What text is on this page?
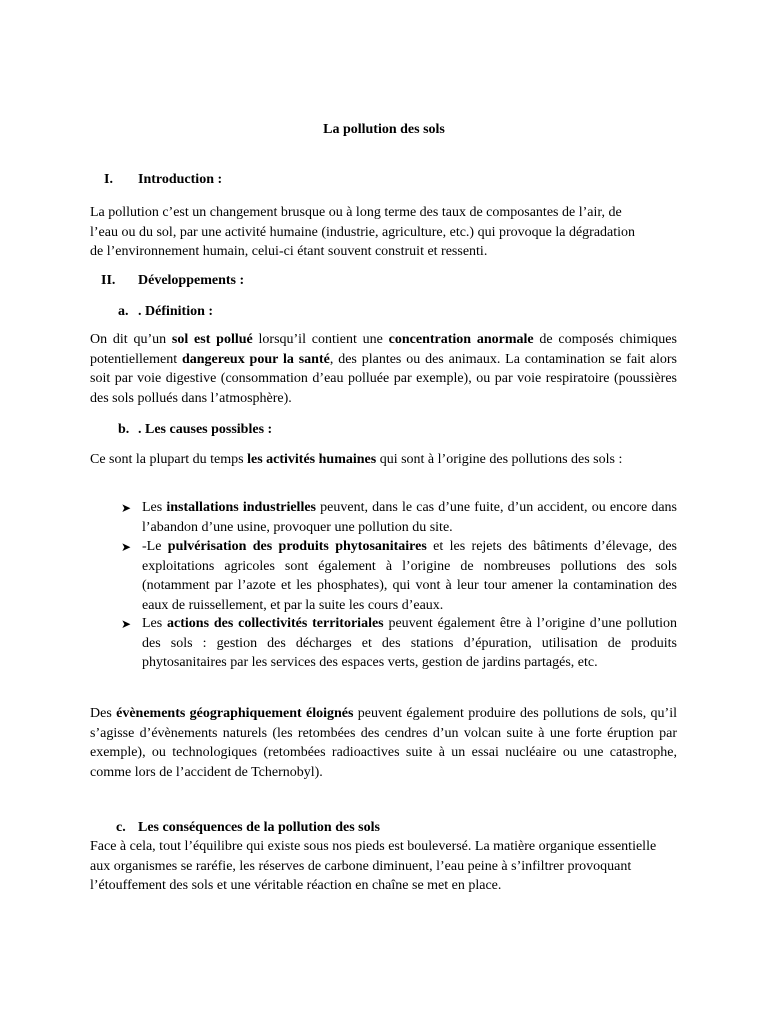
La pollution des sols
I. Introduction :
La pollution c’est un changement brusque ou à long terme des taux de composantes de l’air, de l’eau ou du sol, par une activité humaine (industrie, agriculture, etc.) qui provoque la dégradation de l’environnement humain, celui-ci étant souvent construit et ressenti.
II. Développements :
a. . Définition :
On dit qu’un sol est pollué lorsqu’il contient une concentration anormale de composés chimiques potentiellement dangereux pour la santé, des plantes ou des animaux. La contamination se fait alors soit par voie digestive (consommation d’eau polluée par exemple), ou par voie respiratoire (poussières des sols pollués dans l’atmosphère).
b. . Les causes possibles :
Ce sont la plupart du temps les activités humaines qui sont à l’origine des pollutions des sols :
➤ Les installations industrielles peuvent, dans le cas d’une fuite, d’un accident, ou encore dans l’abandon d’une usine, provoquer une pollution du site.
➤ -Le pulvérisation des produits phytosanitaires et les rejets des bâtiments d’élevage, des exploitations agricoles sont également à l’origine de nombreuses pollutions des sols (notamment par l’azote et les phosphates), qui vont à leur tour amener la contamination des eaux de ruissellement, et par la suite les cours d’eaux.
➤ Les actions des collectivités territoriales peuvent également être à l’origine d’une pollution des sols : gestion des décharges et des stations d’épuration, utilisation de produits phytosanitaires par les services des espaces verts, gestion de jardins partagés, etc.
Des évènements géographiquement éloignés peuvent également produire des pollutions de sols, qu’il s’agisse d’évènements naturels (les retombées des cendres d’un volcan suite à une forte éruption par exemple), ou technologiques (retombées radioactives suite à un essai nucléaire ou une catastrophe, comme lors de l’accident de Tchernobyl).
c. Les conséquences de la pollution des sols
Face à cela, tout l’équilibre qui existe sous nos pieds est bouleversé. La matière organique essentielle aux organismes se raréfie, les réserves de carbone diminuent, l’eau peine à s’infiltrer provoquant l’étouffement des sols et une véritable réaction en chaîne se met en place.
